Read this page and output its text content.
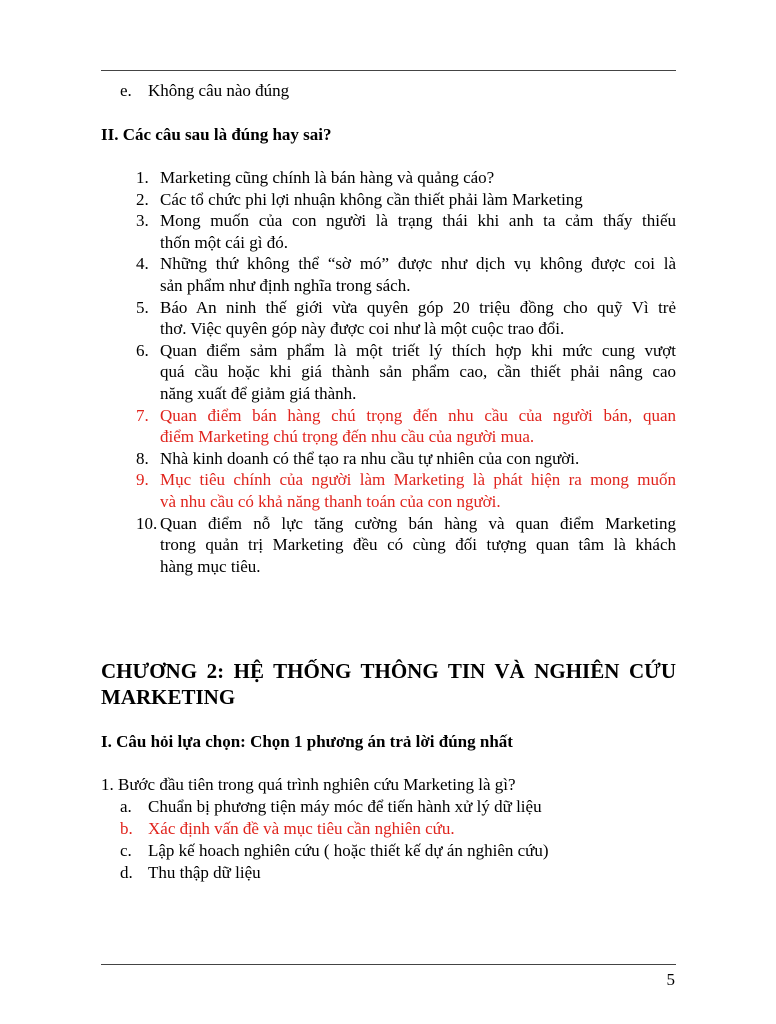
e. Không câu nào đúng
II. Các câu sau là đúng hay sai?
1. Marketing cũng chính là bán hàng và quảng cáo?
2. Các tổ chức phi lợi nhuận không cần thiết phải làm Marketing
3. Mong muốn của con người là trạng thái khi anh ta cảm thấy thiếu
thốn một cái gì đó.
4. Những thứ không thể “sờ mó” được như dịch vụ không được coi là
sản phẩm như định nghĩa trong sách.
5. Báo An ninh thế giới vừa quyên góp 20 triệu đồng cho quỹ Vì trẻ
thơ. Việc quyên góp này được coi như là một cuộc trao đổi.
6. Quan điểm sảm phẩm là một triết lý thích hợp khi mức cung vượt
quá cầu hoặc khi giá thành sản phẩm cao, cần thiết phải nâng cao
năng xuất để giảm giá thành.
7. Quan điểm bán hàng chú trọng đến nhu cầu của người bán, quan
điểm Marketing chú trọng đến nhu cầu của người mua.
8. Nhà kinh doanh có thể tạo ra nhu cầu tự nhiên của con người.
9. Mục tiêu chính của người làm Marketing là phát hiện ra mong muốn
và nhu cầu có khả năng thanh toán của con người.
10. Quan điểm nỗ lực tăng cường bán hàng và quan điểm Marketing
trong quản trị Marketing đều có cùng đối tượng quan tâm là khách
hàng mục tiêu.
CHƯƠNG 2: HỆ THỐNG THÔNG TIN VÀ NGHIÊN CỨU
MARKETING
I. Câu hỏi lựa chọn: Chọn 1 phương án trả lời đúng nhất
1. Bước đầu tiên trong quá trình nghiên cứu Marketing là gì?
a. Chuẩn bị phương tiện máy móc để tiến hành xử lý dữ liệu
b. Xác định vấn đề và mục tiêu cần nghiên cứu.
c. Lập kế hoach nghiên cứu ( hoặc thiết kế dự án nghiên cứu)
d. Thu thập dữ liệu
5
